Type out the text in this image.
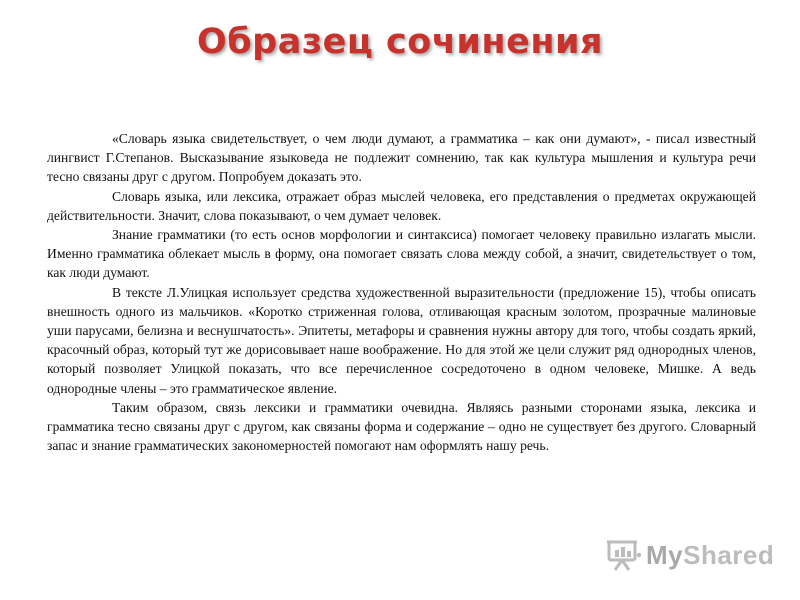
Образец сочинения

«Словарь языка свидетельствует, о чем люди думают, а грамматика – как они думают», - писал известный лингвист Г.Степанов. Высказывание языковеда не подлежит сомнению, так как культура мышления и культура речи тесно связаны друг с другом. Попробуем доказать это.

Словарь языка, или лексика, отражает образ мыслей человека, его представления о предметах окружающей действительности. Значит, слова показывают, о чем думает человек.

Знание грамматики (то есть основ морфологии и синтаксиса) помогает человеку правильно излагать мысли. Именно грамматика облекает мысль в форму, она помогает связать слова между собой, а значит, свидетельствует о том, как люди думают.

В тексте Л.Улицкая использует средства художественной выразительности (предложение 15), чтобы описать внешность одного из мальчиков. «Коротко стриженная голова, отливающая красным золотом, прозрачные малиновые уши парусами, белизна и веснушчатость». Эпитеты, метафоры и сравнения нужны автору для того, чтобы создать яркий, красочный образ, который тут же дорисовывает наше воображение. Но для этой же цели служит ряд однородных членов, который позволяет Улицкой показать, что все перечисленное сосредоточено в одном человеке, Мишке. А ведь однородные члены – это грамматическое явление.

Таким образом, связь лексики и грамматики очевидна. Являясь разными сторонами языка, лексика и грамматика тесно связаны друг с другом, как связаны форма и содержание – одно не существует без другого. Словарный запас и знание грамматических закономерностей помогают нам оформлять нашу речь.

MyShared
